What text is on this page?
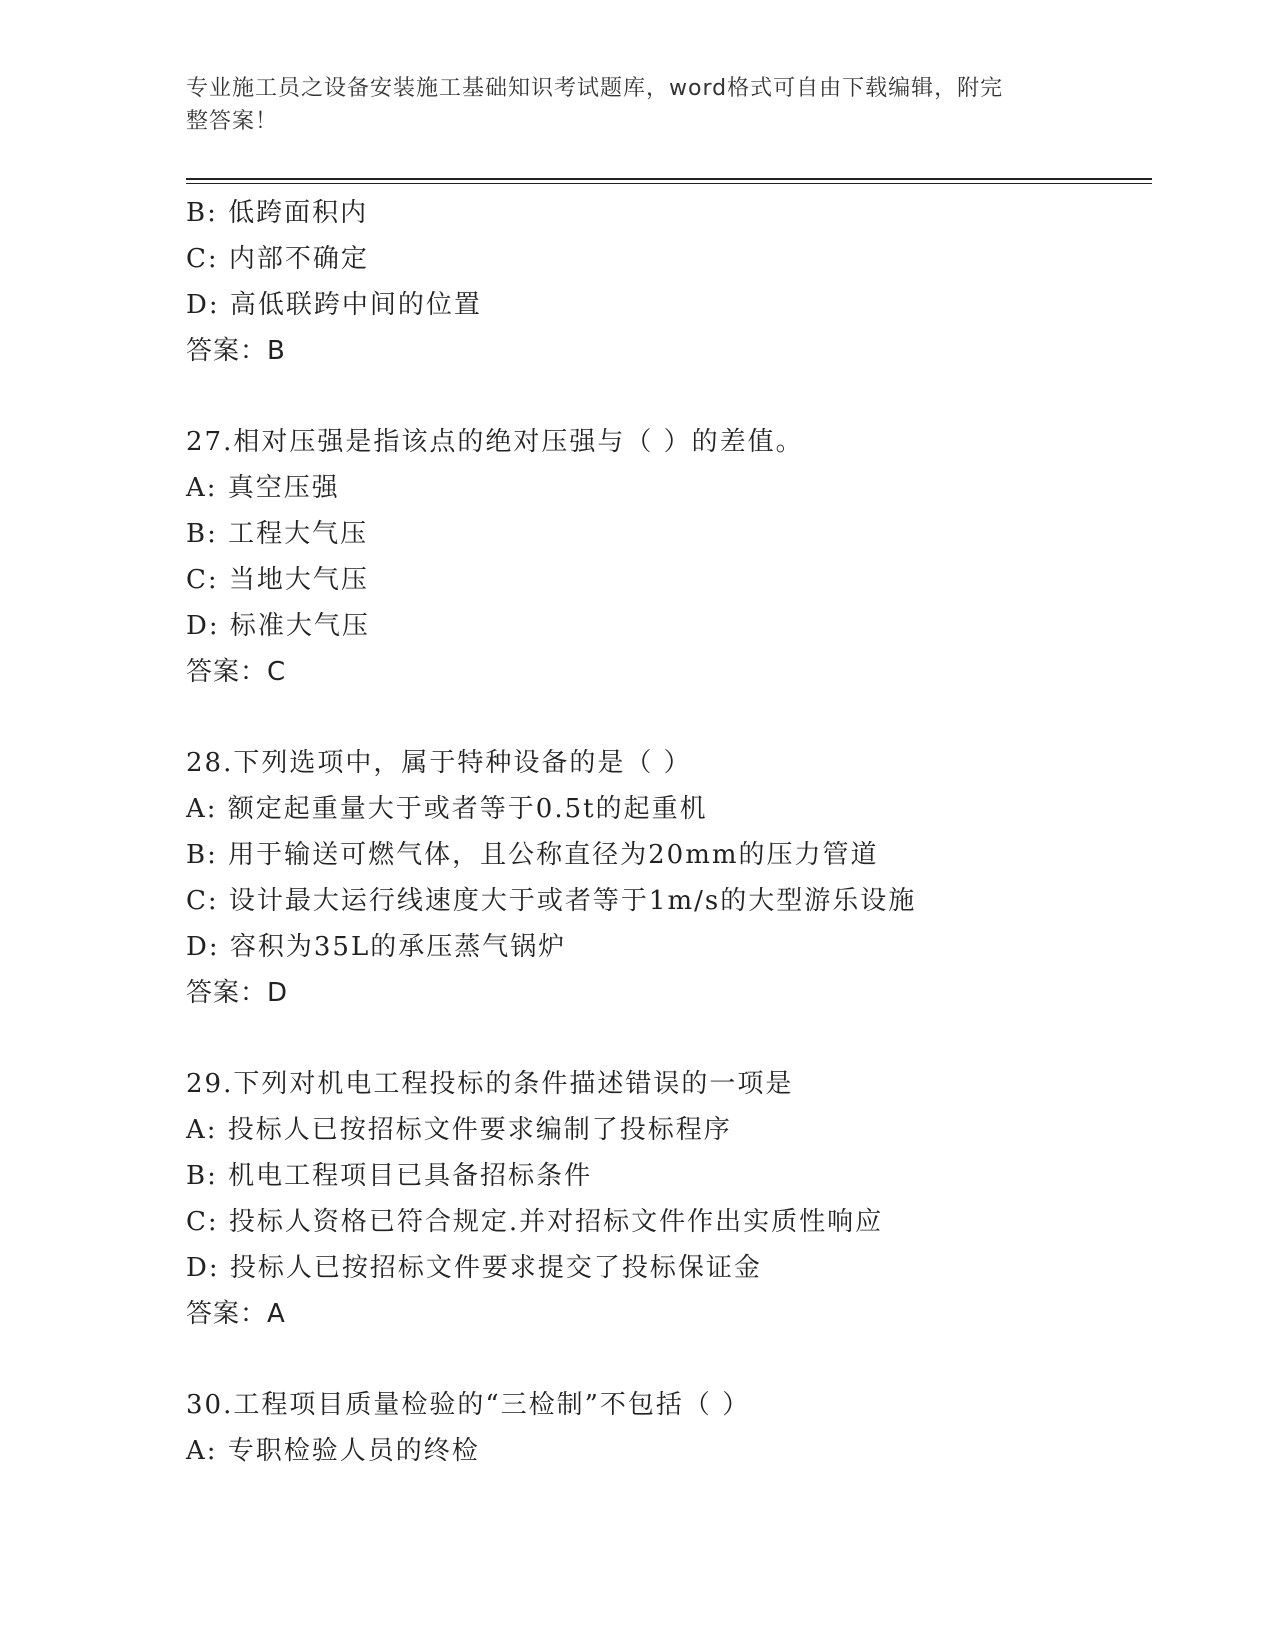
专业施工员之设备安装施工基础知识考试题库，word格式可自由下载编辑，附完
整答案！
B: 低跨面积内
C: 内部不确定
D: 高低联跨中间的位置
答案：B
27.相对压强是指该点的绝对压强与（ ）的差值。
A: 真空压强
B: 工程大气压
C: 当地大气压
D: 标准大气压
答案：C
28.下列选项中，属于特种设备的是（ ）
A: 额定起重量大于或者等于0.5t的起重机
B: 用于输送可燃气体，且公称直径为20mm的压力管道
C: 设计最大运行线速度大于或者等于1m/s的大型游乐设施
D: 容积为35L的承压蒸气锅炉
答案：D
29.下列对机电工程投标的条件描述错误的一项是
A: 投标人已按招标文件要求编制了投标程序
B: 机电工程项目已具备招标条件
C: 投标人资格已符合规定.并对招标文件作出实质性响应
D: 投标人已按招标文件要求提交了投标保证金
答案：A
30.工程项目质量检验的“三检制”不包括（ ）
A: 专职检验人员的终检
